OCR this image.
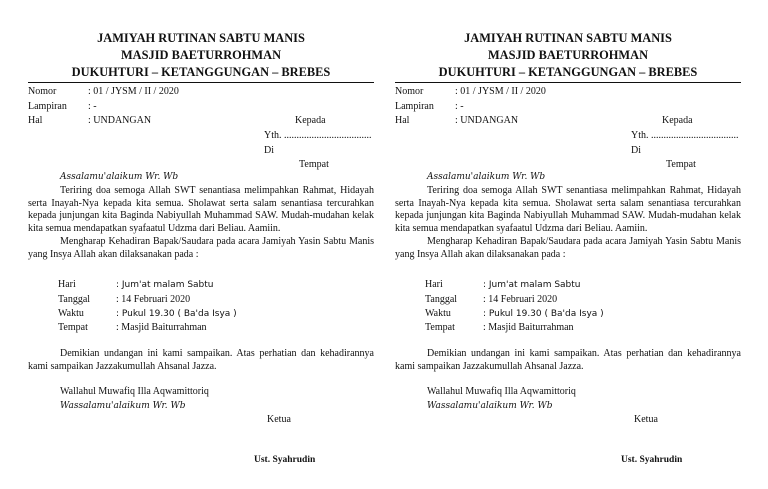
JAMIYAH RUTINAN SABTU MANIS
MASJID BAETURROHMAN
DUKUHTURI – KETANGGUNGAN – BREBES
Nomor	: 01 / JYSM / II / 2020
Lampiran : -
Hal	: UNDANGAN	Kepada
Yth. ...................................
Di
Tempat
Assalamu'alaikum Wr. Wb
Teriring doa semoga Allah SWT senantiasa melimpahkan Rahmat, Hidayah serta Inayah-Nya kepada kita semua. Sholawat serta salam senantiasa tercurahkan kepada junjungan kita Baginda Nabiyullah Muhammad SAW. Mudah-mudahan kelak kita semua mendapatkan syafaatul Udzma dari Beliau. Aamiin.
Mengharap Kehadiran Bapak/Saudara pada acara Jamiyah Yasin Sabtu Manis yang Insya Allah akan dilaksanakan pada :
Hari	: Jum'at malam Sabtu
Tanggal	: 14 Februari 2020
Waktu	: Pukul 19.30 ( Ba'da Isya )
Tempat	: Masjid Baiturrahman
Demikian undangan ini kami sampaikan. Atas perhatian dan kehadirannya kami sampaikan Jazzakumullah Ahsanal Jazza.
Wallahul Muwafiq Illa Aqwamittoriq
Wassalamu'alaikum Wr. Wb
Ketua
Ust. Syahrudin
JAMIYAH RUTINAN SABTU MANIS
MASJID BAETURROHMAN
DUKUHTURI – KETANGGUNGAN – BREBES
Nomor	: 01 / JYSM / II / 2020
Lampiran : -
Hal	: UNDANGAN	Kepada
Yth. ...................................
Di
Tempat
Assalamu'alaikum Wr. Wb
Teriring doa semoga Allah SWT senantiasa melimpahkan Rahmat, Hidayah serta Inayah-Nya kepada kita semua. Sholawat serta salam senantiasa tercurahkan kepada junjungan kita Baginda Nabiyullah Muhammad SAW. Mudah-mudahan kelak kita semua mendapatkan syafaatul Udzma dari Beliau. Aamiin.
Mengharap Kehadiran Bapak/Saudara pada acara Jamiyah Yasin Sabtu Manis yang Insya Allah akan dilaksanakan pada :
Hari	: Jum'at malam Sabtu
Tanggal	: 14 Februari 2020
Waktu	: Pukul 19.30 ( Ba'da Isya )
Tempat	: Masjid Baiturrahman
Demikian undangan ini kami sampaikan. Atas perhatian dan kehadirannya kami sampaikan Jazzakumullah Ahsanal Jazza.
Wallahul Muwafiq Illa Aqwamittoriq
Wassalamu'alaikum Wr. Wb
Ketua
Ust. Syahrudin
